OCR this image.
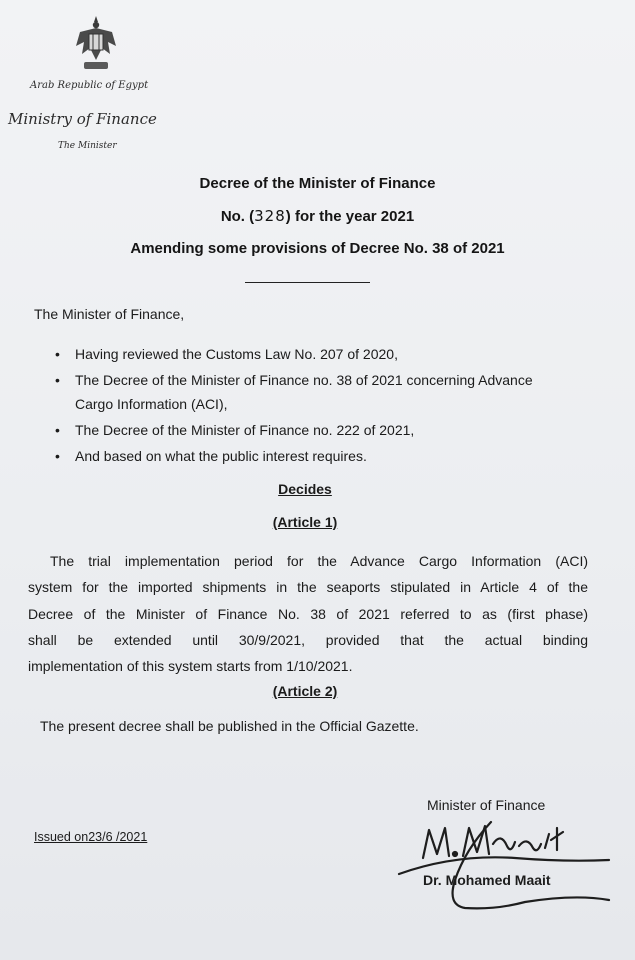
Arab Republic of Egypt
Ministry of Finance
The Minister
Decree of the Minister of Finance
No. (328) for the year 2021
Amending some provisions of Decree No. 38 of 2021
The Minister of Finance,
• Having reviewed the Customs Law No. 207 of 2020,
• The Decree of the Minister of Finance no. 38 of 2021 concerning Advance
Cargo Information (ACI),
• The Decree of the Minister of Finance no. 222 of 2021,
• And based on what the public interest requires.
Decides
(Article 1)
The trial implementation period for the Advance Cargo Information (ACI)
system for the imported shipments in the seaports stipulated in Article 4 of the
Decree of the Minister of Finance No. 38 of 2021 referred to as (first phase)
shall be extended until 30/9/2021, provided that the actual binding
implementation of this system starts from 1/10/2021.
(Article 2)
The present decree shall be published in the Official Gazette.
Minister of Finance
Issued on23/6 /2021
Dr. Mohamed Maait
